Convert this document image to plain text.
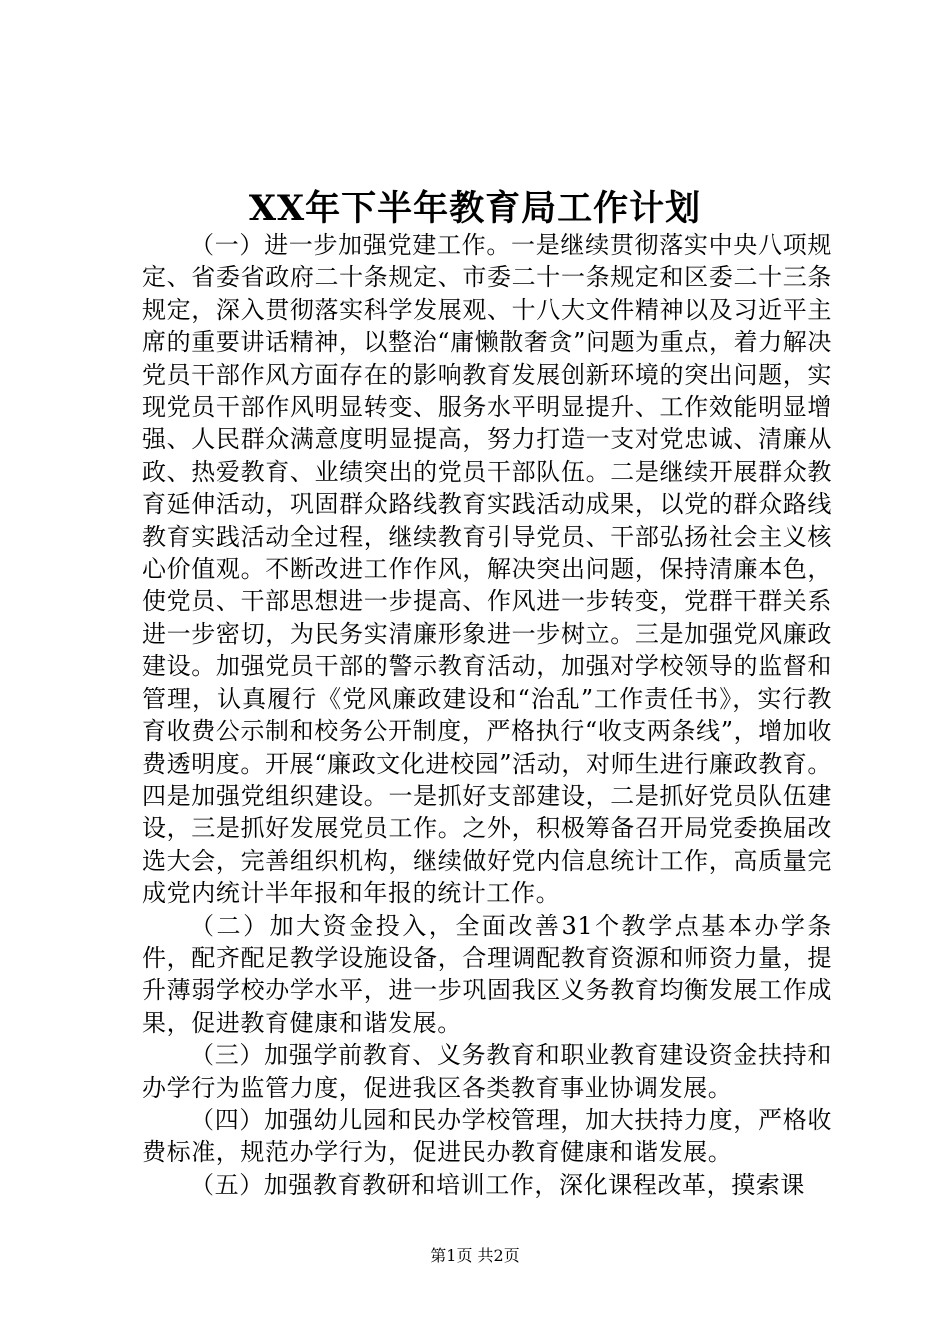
XX年下半年教育局工作计划

（一）进一步加强党建工作。一是继续贯彻落实中央八项规定、省委省政府二十条规定、市委二十一条规定和区委二十三条规定，深入贯彻落实科学发展观、十八大文件精神以及习近平主席的重要讲话精神，以整治“庸懒散奢贪”问题为重点，着力解决党员干部作风方面存在的影响教育发展创新环境的突出问题，实现党员干部作风明显转变、服务水平明显提升、工作效能明显增强、人民群众满意度明显提高，努力打造一支对党忠诚、清廉从政、热爱教育、业绩突出的党员干部队伍。二是继续开展群众教育延伸活动，巩固群众路线教育实践活动成果，以党的群众路线教育实践活动全过程，继续教育引导党员、干部弘扬社会主义核心价值观。不断改进工作作风，解决突出问题，保持清廉本色，使党员、干部思想进一步提高、作风进一步转变，党群干群关系进一步密切，为民务实清廉形象进一步树立。三是加强党风廉政建设。加强党员干部的警示教育活动，加强对学校领导的监督和管理，认真履行《党风廉政建设和“治乱”工作责任书》，实行教育收费公示制和校务公开制度，严格执行“收支两条线”，增加收费透明度。开展“廉政文化进校园”活动，对师生进行廉政教育。四是加强党组织建设。一是抓好支部建设，二是抓好党员队伍建设，三是抓好发展党员工作。之外，积极筹备召开局党委换届改选大会，完善组织机构，继续做好党内信息统计工作，高质量完成党内统计半年报和年报的统计工作。

（二）加大资金投入，全面改善31个教学点基本办学条件，配齐配足教学设施设备，合理调配教育资源和师资力量，提升薄弱学校办学水平，进一步巩固我区义务教育均衡发展工作成果，促进教育健康和谐发展。

（三）加强学前教育、义务教育和职业教育建设资金扶持和办学行为监管力度，促进我区各类教育事业协调发展。

（四）加强幼儿园和民办学校管理，加大扶持力度，严格收费标准，规范办学行为，促进民办教育健康和谐发展。

（五）加强教育教研和培训工作，深化课程改革，摸索课

第1页 共2页
